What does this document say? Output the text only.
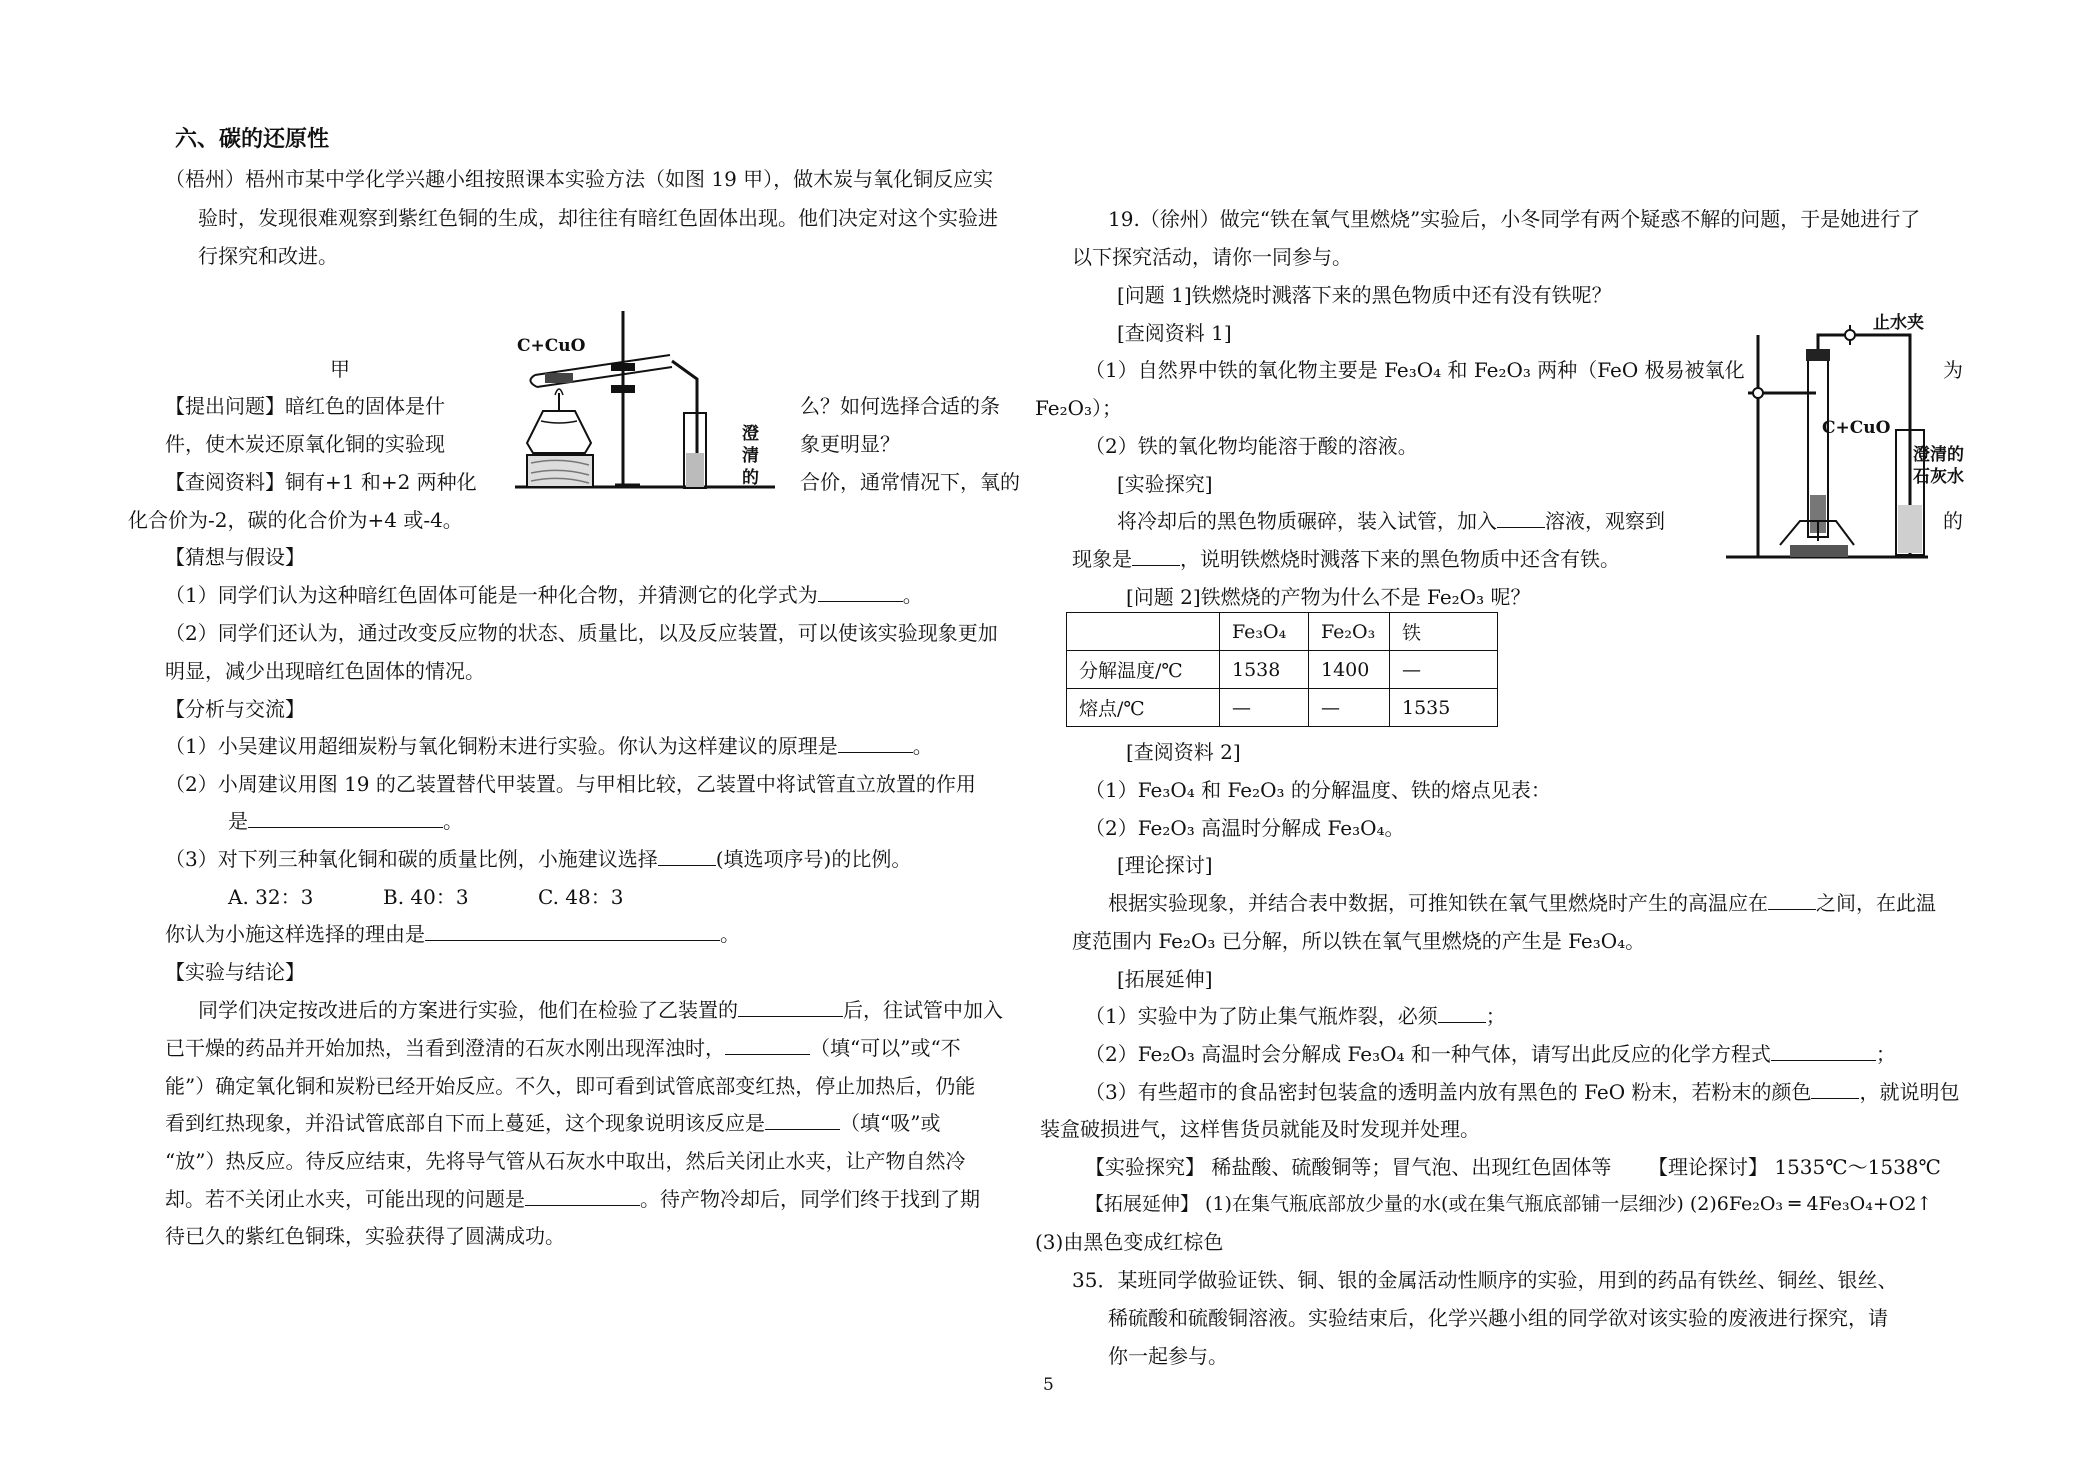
六、碳的还原性
（梧州）梧州市某中学化学兴趣小组按照课本实验方法（如图 19 甲），做木炭与氧化铜反应实
验时，发现很难观察到紫红色铜的生成，却往往有暗红色固体出现。他们决定对这个实验进
行探究和改进。
甲
C+CuO
澄
清
的
【提出问题】暗红色的固体是什	么？如何选择合适的条
件，使木炭还原氧化铜的实验现	象更明显？
【查阅资料】铜有+1 和+2 两种化	合价，通常情况下，氧的
化合价为-2，碳的化合价为+4 或-4。
【猜想与假设】
（1）同学们认为这种暗红色固体可能是一种化合物，并猜测它的化学式为	。
（2）同学们还认为，通过改变反应物的状态、质量比，以及反应装置，可以使该实验现象更加
明显，减少出现暗红色固体的情况。
【分析与交流】
（1）小吴建议用超细炭粉与氧化铜粉末进行实验。你认为这样建议的原理是	。
（2）小周建议用图 19 的乙装置替代甲装置。与甲相比较，乙装置中将试管直立放置的作用
是	。
（3）对下列三种氧化铜和碳的质量比例，小施建议选择	(填选项序号)的比例。
A. 32：3	B. 40：3	C. 48：3
你认为小施这样选择的理由是	。
【实验与结论】
同学们决定按改进后的方案进行实验，他们在检验了乙装置的	后，往试管中加入
已干燥的药品并开始加热，当看到澄清的石灰水刚出现浑浊时，	（填“可以”或“不
能”）确定氧化铜和炭粉已经开始反应。不久，即可看到试管底部变红热，停止加热后，仍能
看到红热现象，并沿试管底部自下而上蔓延，这个现象说明该反应是	（填“吸”或
“放”）热反应。待反应结束，先将导气管从石灰水中取出，然后关闭止水夹，让产物自然冷
却。若不关闭止水夹，可能出现的问题是	。待产物冷却后，同学们终于找到了期
待已久的紫红色铜珠，实验获得了圆满成功。
19.（徐州）做完“铁在氧气里燃烧”实验后，小冬同学有两个疑惑不解的问题，于是她进行了
以下探究活动，请你一同参与。
[问题 1]铁燃烧时溅落下来的黑色物质中还有没有铁呢？
[查阅资料 1]
（1）自然界中铁的氧化物主要是 Fe₃O₄ 和 Fe₂O₃ 两种（FeO 极易被氧化	为
Fe₂O₃）；
（2）铁的氧化物均能溶于酸的溶液。
[实验探究]
将冷却后的黑色物质碾碎，装入试管，加入 溶液，观察到	的
现象是 ，说明铁燃烧时溅落下来的黑色物质中还含有铁。
止水夹
C+CuO
澄清的
石灰水
[问题 2]铁燃烧的产物为什么不是 Fe₂O₃ 呢？
	Fe₃O₄	Fe₂O₃	铁
分解温度/℃	1538	1400	—
熔点/℃	—	—	1535
[查阅资料 2]
（1）Fe₃O₄ 和 Fe₂O₃ 的分解温度、铁的熔点见表：
（2）Fe₂O₃ 高温时分解成 Fe₃O₄。
[理论探讨]
根据实验现象，并结合表中数据，可推知铁在氧气里燃烧时产生的高温应在 之间，在此温
度范围内 Fe₂O₃ 已分解，所以铁在氧气里燃烧的产生是 Fe₃O₄。
[拓展延伸]
（1）实验中为了防止集气瓶炸裂，必须 ；
（2）Fe₂O₃ 高温时会分解成 Fe₃O₄ 和一种气体，请写出此反应的化学方程式	；
（3）有些超市的食品密封包装盒的透明盖内放有黑色的 FeO 粉末，若粉末的颜色 ，就说明包
装盒破损进气，这样售货员就能及时发现并处理。
【实验探究】 稀盐酸、硫酸铜等；冒气泡、出现红色固体等 【理论探讨】 1535℃～1538℃
【拓展延伸】 (1)在集气瓶底部放少量的水(或在集气瓶底部铺一层细沙) (2)6Fe₂O₃ ═ 4Fe₃O₄+O2↑
(3)由黑色变成红棕色
35．某班同学做验证铁、铜、银的金属活动性顺序的实验，用到的药品有铁丝、铜丝、银丝、
稀硫酸和硫酸铜溶液。实验结束后，化学兴趣小组的同学欲对该实验的废液进行探究，请
你一起参与。
5
